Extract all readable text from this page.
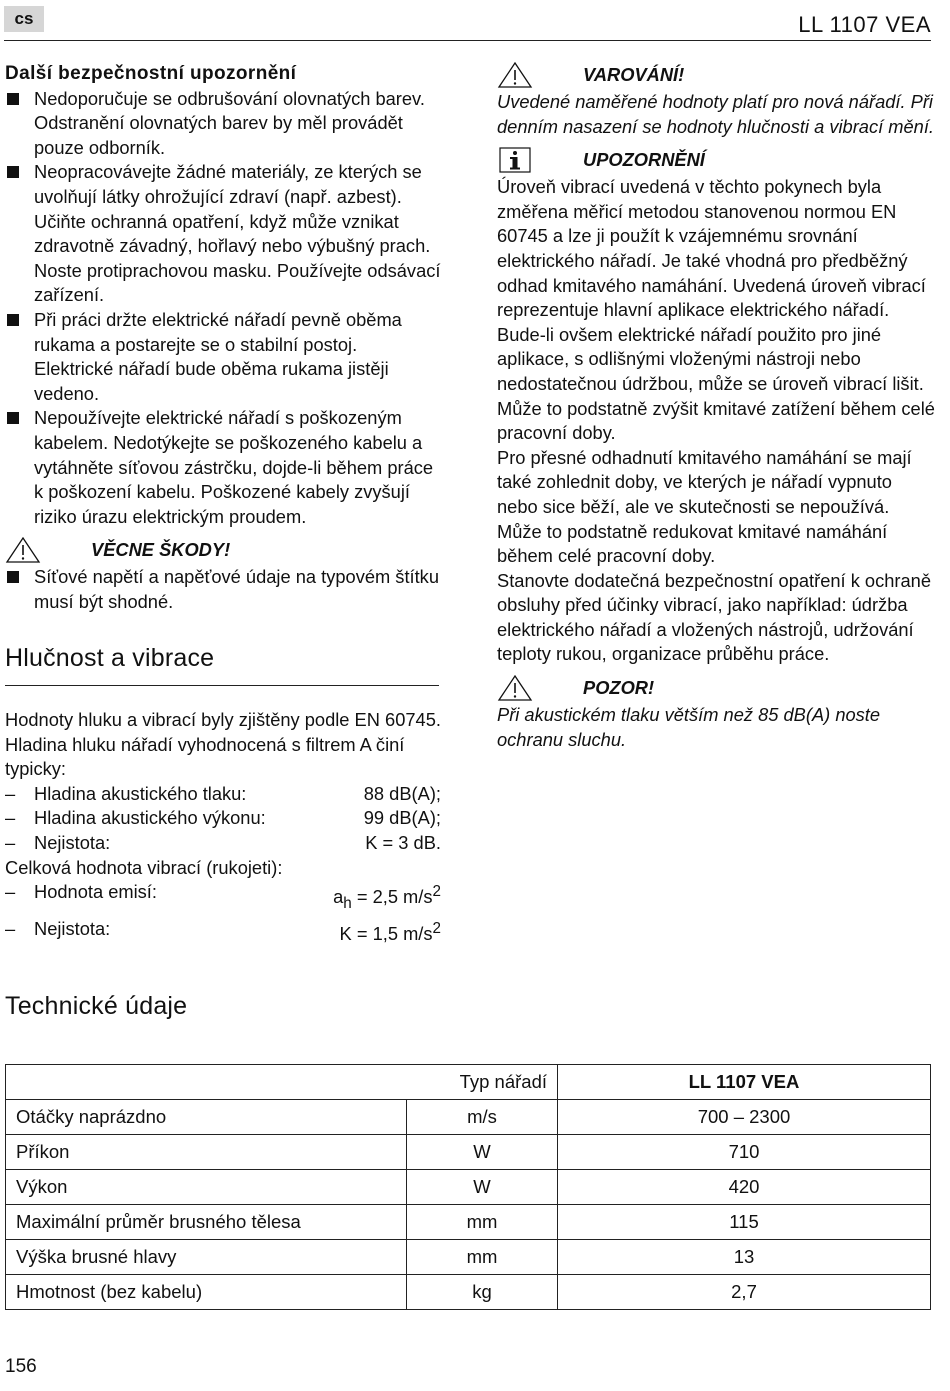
cs	LL 1107 VEA
Další bezpečnostní upozornění
Nedoporučuje se odbrušování olovnatých barev. Odstranění olovnatých barev by měl provádět pouze odborník.
Neopracovávejte žádné materiály, ze kterých se uvolňují látky ohrožující zdraví (např. azbest). Učiňte ochranná opatření, když může vznikat zdravotně závadný, hořlavý nebo výbušný prach. Noste protiprachovou masku. Používejte odsávací zařízení.
Při práci držte elektrické nářadí pevně oběma rukama a postarejte se o stabilní postoj. Elektrické nářadí bude oběma rukama jistěji vedeno.
Nepoužívejte elektrické nářadí s poškozeným kabelem. Nedotýkejte se poškozeného kabelu a vytáhněte síťovou zástrčku, dojde-li během práce k poškození kabelu. Poškozené kabely zvyšují riziko úrazu elektrickým proudem.
VĚCNE ŠKODY!
Síťové napětí a napěťové údaje na typovém štítku musí být shodné.
Hlučnost a vibrace

Hodnoty hluku a vibrací byly zjištěny podle EN 60745.

Hladina hluku nářadí vyhodnocená s filtrem A činí typicky:

–	Hladina akustického tlaku:	88 dB(A);
–	Hladina akustického výkonu:	99 dB(A);
–	Nejistota:	K = 3 dB.

Celková hodnota vibrací (rukojeti):

–	Hodnota emisí:	$a_h = 2,5$ $m/s^2$
–	Nejistota:	K = 1,5 $m/s^2$
VAROVÁNÍ!

Uvedené naměřené hodnoty platí pro nová nářadí. Při denním nasazení se hodnoty hlučnosti a vibrací mění.

UPOZORNĚNÍ

Úroveň vibrací uvedená v těchto pokynech byla změřena měřicí metodou stanovenou normou EN 60745 a lze ji použít k vzájemnému srovnání elektrického nářadí. Je také vhodná pro předběžný odhad kmitavého namáhání. Uvedená úroveň vibrací reprezentuje hlavní aplikace elektrického nářadí. Bude-li ovšem elektrické nářadí použito pro jiné aplikace, s odlišnými vloženými nástroji nebo nedostatečnou údržbou, může se úroveň vibrací lišit. Může to podstatně zvýšit kmitavé zatížení během celé pracovní doby.

Pro přesné odhadnutí kmitavého namáhání se mají také zohlednit doby, ve kterých je nářadí vypnuto nebo sice běží, ale ve skutečnosti se nepoužívá. Může to podstatně redukovat kmitavé namáhání během celé pracovní doby.

Stanovte dodatečná bezpečnostní opatření k ochraně obsluhy před účinky vibrací, jako například: údržba elektrického nářadí a vložených nástrojů, udržování teploty rukou, organizace průběhu práce.

POZOR!

Při akustickém tlaku větším než 85 dB(A) noste ochranu sluchu.

Technické údaje
	Typ nářadí	LL 1107 VEA
Otáčky naprázdno	m/s	700 – 2300
Příkon	W	710
Výkon	W	420
Maximální průměr brusného tělesa	mm	115
Výška brusné hlavy	mm	13
Hmotnost (bez kabelu)	kg	2,7
156
